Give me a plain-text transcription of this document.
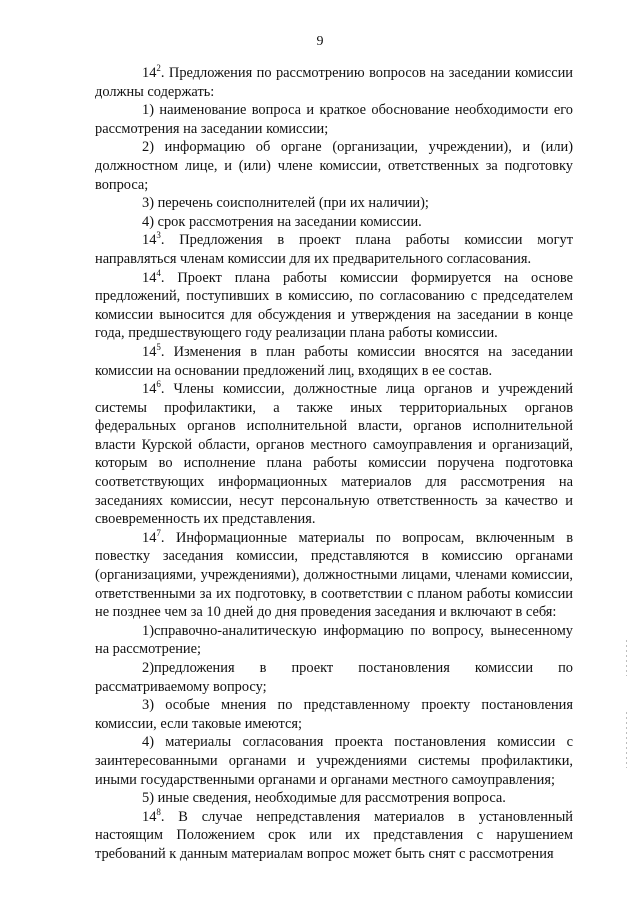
9

$14^2$. Предложения по рассмотрению вопросов на заседании комиссии должны содержать:

1) наименование вопроса и краткое обоснование необходимости его рассмотрения на заседании комиссии;

2) информацию об органе (организации, учреждении), и (или) должностном лице, и (или) члене комиссии, ответственных за подготовку вопроса;

3) перечень соисполнителей (при их наличии);

4) срок рассмотрения на заседании комиссии.

$14^3$. Предложения в проект плана работы комиссии могут направляться членам комиссии для их предварительного согласования.

$14^4$. Проект плана работы комиссии формируется на основе предложений, поступивших в комиссию, по согласованию с председателем комиссии выносится для обсуждения и утверждения на заседании в конце года, предшествующего году реализации плана работы комиссии.

$14^5$. Изменения в план работы комиссии вносятся на заседании комиссии на основании предложений лиц, входящих в ее состав.

$14^6$. Члены комиссии, должностные лица органов и учреждений системы профилактики, а также иных территориальных органов федеральных органов исполнительной власти, органов исполнительной власти Курской области, органов местного самоуправления и организаций, которым во исполнение плана работы комиссии поручена подготовка соответствующих информационных материалов для рассмотрения на заседаниях комиссии, несут персональную ответственность за качество и своевременность их представления.

$14^7$. Информационные материалы по вопросам, включенным в повестку заседания комиссии, представляются в комиссию органами (организациями, учреждениями), должностными лицами, членами комиссии, ответственными за их подготовку, в соответствии с планом работы комиссии не позднее чем за 10 дней до дня проведения заседания и включают в себя:

1)справочно-аналитическую информацию по вопросу, вынесенному на рассмотрение;

2)предложения в проект постановления комиссии по рассматриваемому вопросу;

3) особые мнения по представленному проекту постановления комиссии, если таковые имеются;

4) материалы согласования проекта постановления комиссии с заинтересованными органами и учреждениями системы профилактики, иными государственными органами и органами местного самоуправления;

5) иные сведения, необходимые для рассмотрения вопроса.

$14^8$. В случае непредставления материалов в установленный настоящим Положением срок или их представления с нарушением требований к данным материалам вопрос может быть снят с рассмотрения
